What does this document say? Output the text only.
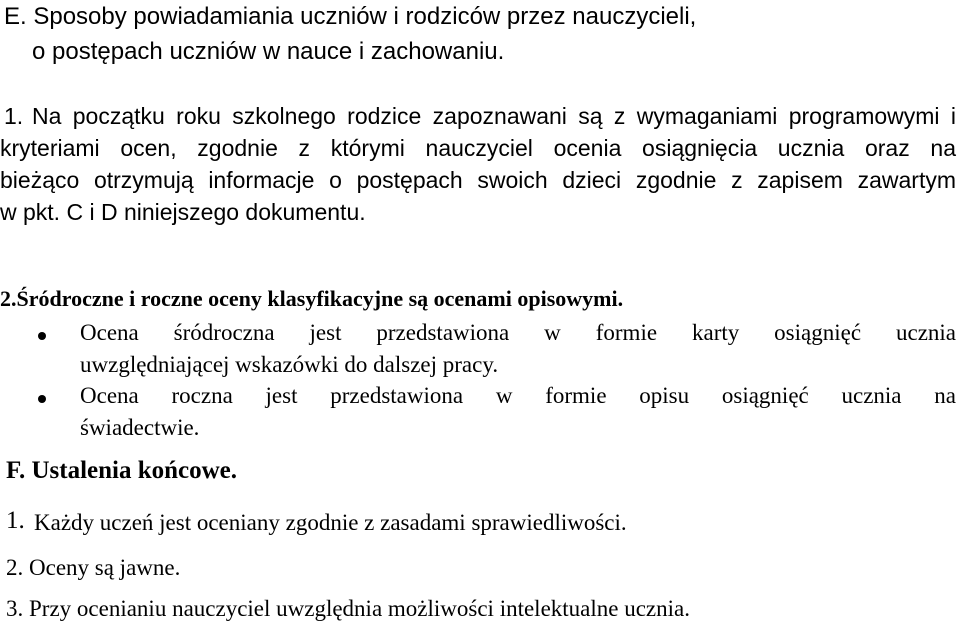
E. Sposoby powiadamiania uczniów i rodziców przez nauczycieli,
o postępach uczniów w nauce i zachowaniu.
1. Na początku roku szkolnego rodzice zapoznawani są z wymaganiami programowymi i
kryteriami ocen, zgodnie z którymi nauczyciel ocenia osiągnięcia ucznia oraz na
bieżąco otrzymują informacje o postępach swoich dzieci zgodnie z zapisem zawartym
w pkt. C i D niniejszego dokumentu.
2.Śródroczne i roczne oceny klasyfikacyjne są ocenami opisowymi.
Ocena śródroczna jest przedstawiona w formie karty osiągnięć ucznia
uwzględniającej wskazówki do dalszej pracy.
Ocena roczna jest przedstawiona w formie opisu osiągnięć ucznia na
świadectwie.
F. Ustalenia końcowe.
1. Każdy uczeń jest oceniany zgodnie z zasadami sprawiedliwości.
2. Oceny są jawne.
3. Przy ocenianiu nauczyciel uwzględnia możliwości intelektualne ucznia.
